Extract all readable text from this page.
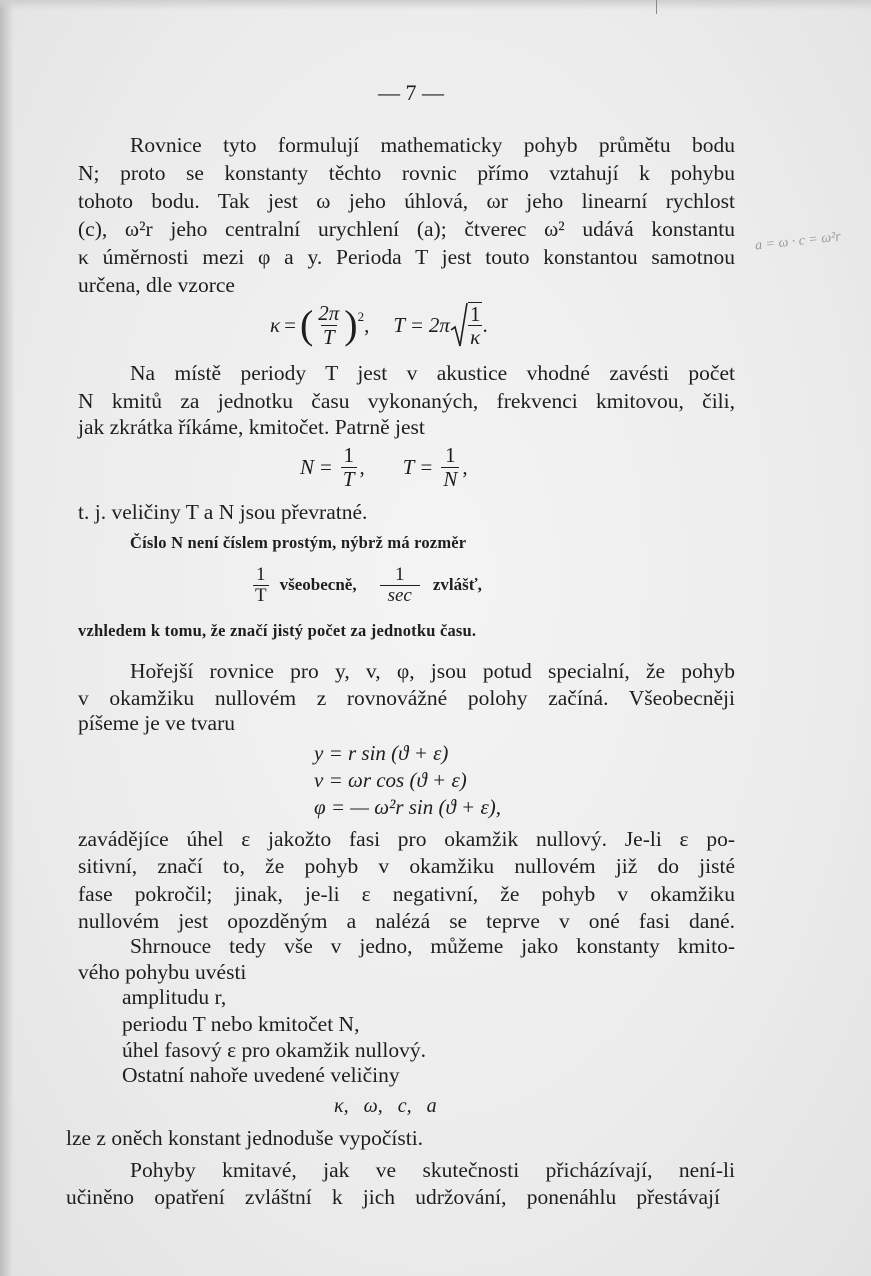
— 7 —
a = ω · c = ω²r
Rovnice tyto formulují mathematicky pohyb průmětu bodu
N; proto se konstanty těchto rovnic přímo vztahují k pohybu
tohoto bodu. Tak jest ω jeho úhlová, ωr jeho linearní rychlost
(c), ω²r jeho centralní urychlení (a); čtverec ω² udává konstantu
κ úměrnosti mezi φ a y. Perioda T jest touto konstantou samotnou
určena, dle vzorce
κ = ( $\frac{2\pi}{T}$ ) 2 , $T = 2\pi \frac{1}{\kappa}$ .
Na místě periody T jest v akustice vhodné zavésti počet
N kmitů za jednotku času vykonaných, frekvenci kmitovou, čili,
jak zkrátka říkáme, kmitočet. Patrně jest
$N = \frac{1}{T}$ , $T = \frac{1}{N}$ ,
t. j. veličiny T a N jsou převratné.
Číslo N není číslem prostým, nýbrž má rozměr
$\frac{1}{T}$ všeobecně, $\frac{1}{\sec}$ zvlášť,
vzhledem k tomu, že značí jistý počet za jednotku času.
Hořejší rovnice pro y, v, φ, jsou potud specialní, že pohyb
v okamžiku nullovém z rovnovážné polohy začíná. Všeobecněji
píšeme je ve tvaru
y = r sin (ϑ + ε)
v = ωr cos (ϑ + ε)
φ = — ω²r sin (ϑ + ε),
zavádějíce úhel ε jakožto fasi pro okamžik nullový. Je-li ε po-
sitivní, značí to, že pohyb v okamžiku nullovém již do jisté
fase pokročil; jinak, je-li ε negativní, že pohyb v okamžiku
nullovém jest opozděným a nalézá se teprve v oné fasi dané.
Shrnouce tedy vše v jedno, můžeme jako konstanty kmito-
vého pohybu uvésti
amplitudu r,
periodu T nebo kmitočet N,
úhel fasový ε pro okamžik nullový.
Ostatní nahoře uvedené veličiny
κ,   ω,   c,   a
lze z oněch konstant jednoduše vypočísti.
Pohyby kmitavé, jak ve skutečnosti přicházívají, není-li
učiněno opatření zvláštní k jich udržování, ponenáhlu přestávají
